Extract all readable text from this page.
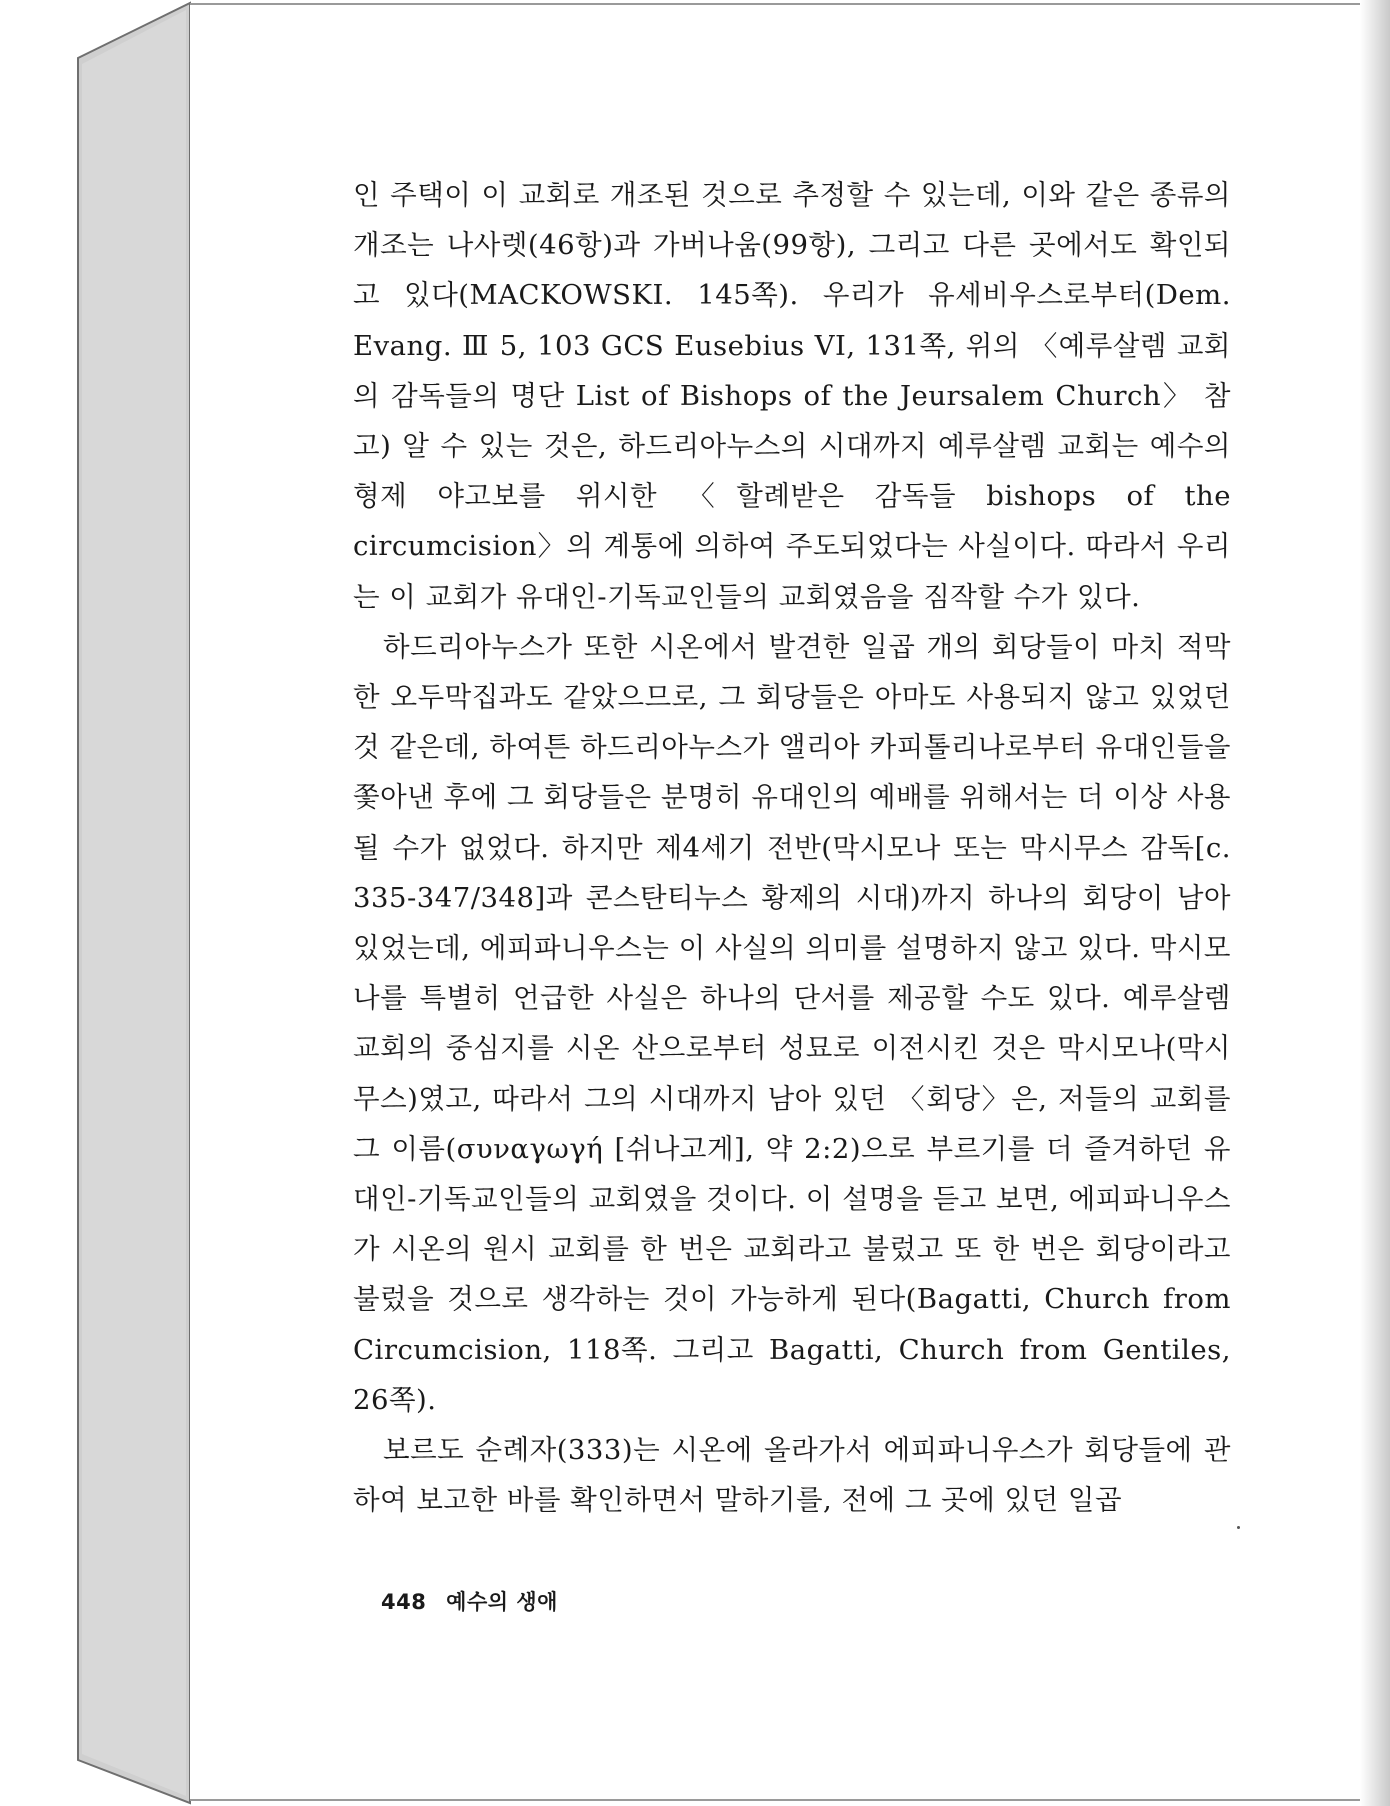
인 주택이 이 교회로 개조된 것으로 추정할 수 있는데, 이와 같은 종류의 개조는 나사렛(46항)과 가버나움(99항), 그리고 다른 곳에서도 확인되고 있다(MACKOWSKI. 145쪽). 우리가 유세비우스로부터(Dem. Evang. Ⅲ 5, 103 GCS Eusebius VI, 131쪽, 위의 〈예루살렘 교회의 감독들의 명단 List of Bishops of the Jeursalem Church〉 참고) 알 수 있는 것은, 하드리아누스의 시대까지 예루살렘 교회는 예수의 형제 야고보를 위시한 〈할례받은 감독들 bishops of the circumcision〉의 계통에 의하여 주도되었다는 사실이다. 따라서 우리는 이 교회가 유대인-기독교인들의 교회였음을 짐작할 수가 있다.

하드리아누스가 또한 시온에서 발견한 일곱 개의 회당들이 마치 적막한 오두막집과도 같았으므로, 그 회당들은 아마도 사용되지 않고 있었던 것 같은데, 하여튼 하드리아누스가 앨리아 카피톨리나로부터 유대인들을 쫓아낸 후에 그 회당들은 분명히 유대인의 예배를 위해서는 더 이상 사용될 수가 없었다. 하지만 제4세기 전반(막시모나 또는 막시무스 감독[c. 335-347/348]과 콘스탄티누스 황제의 시대)까지 하나의 회당이 남아 있었는데, 에피파니우스는 이 사실의 의미를 설명하지 않고 있다. 막시모나를 특별히 언급한 사실은 하나의 단서를 제공할 수도 있다. 예루살렘 교회의 중심지를 시온 산으로부터 성묘로 이전시킨 것은 막시모나(막시무스)였고, 따라서 그의 시대까지 남아 있던 〈회당〉은, 저들의 교회를 그 이름(συναγωγή [쉬나고게], 약 2:2)으로 부르기를 더 즐겨하던 유대인-기독교인들의 교회였을 것이다. 이 설명을 듣고 보면, 에피파니우스가 시온의 원시 교회를 한 번은 교회라고 불렀고 또 한 번은 회당이라고 불렀을 것으로 생각하는 것이 가능하게 된다(Bagatti, Church from Circumcision, 118쪽. 그리고 Bagatti, Church from Gentiles, 26쪽).

보르도 순례자(333)는 시온에 올라가서 에피파니우스가 회당들에 관하여 보고한 바를 확인하면서 말하기를, 전에 그 곳에 있던 일곱

448 예수의 생애
